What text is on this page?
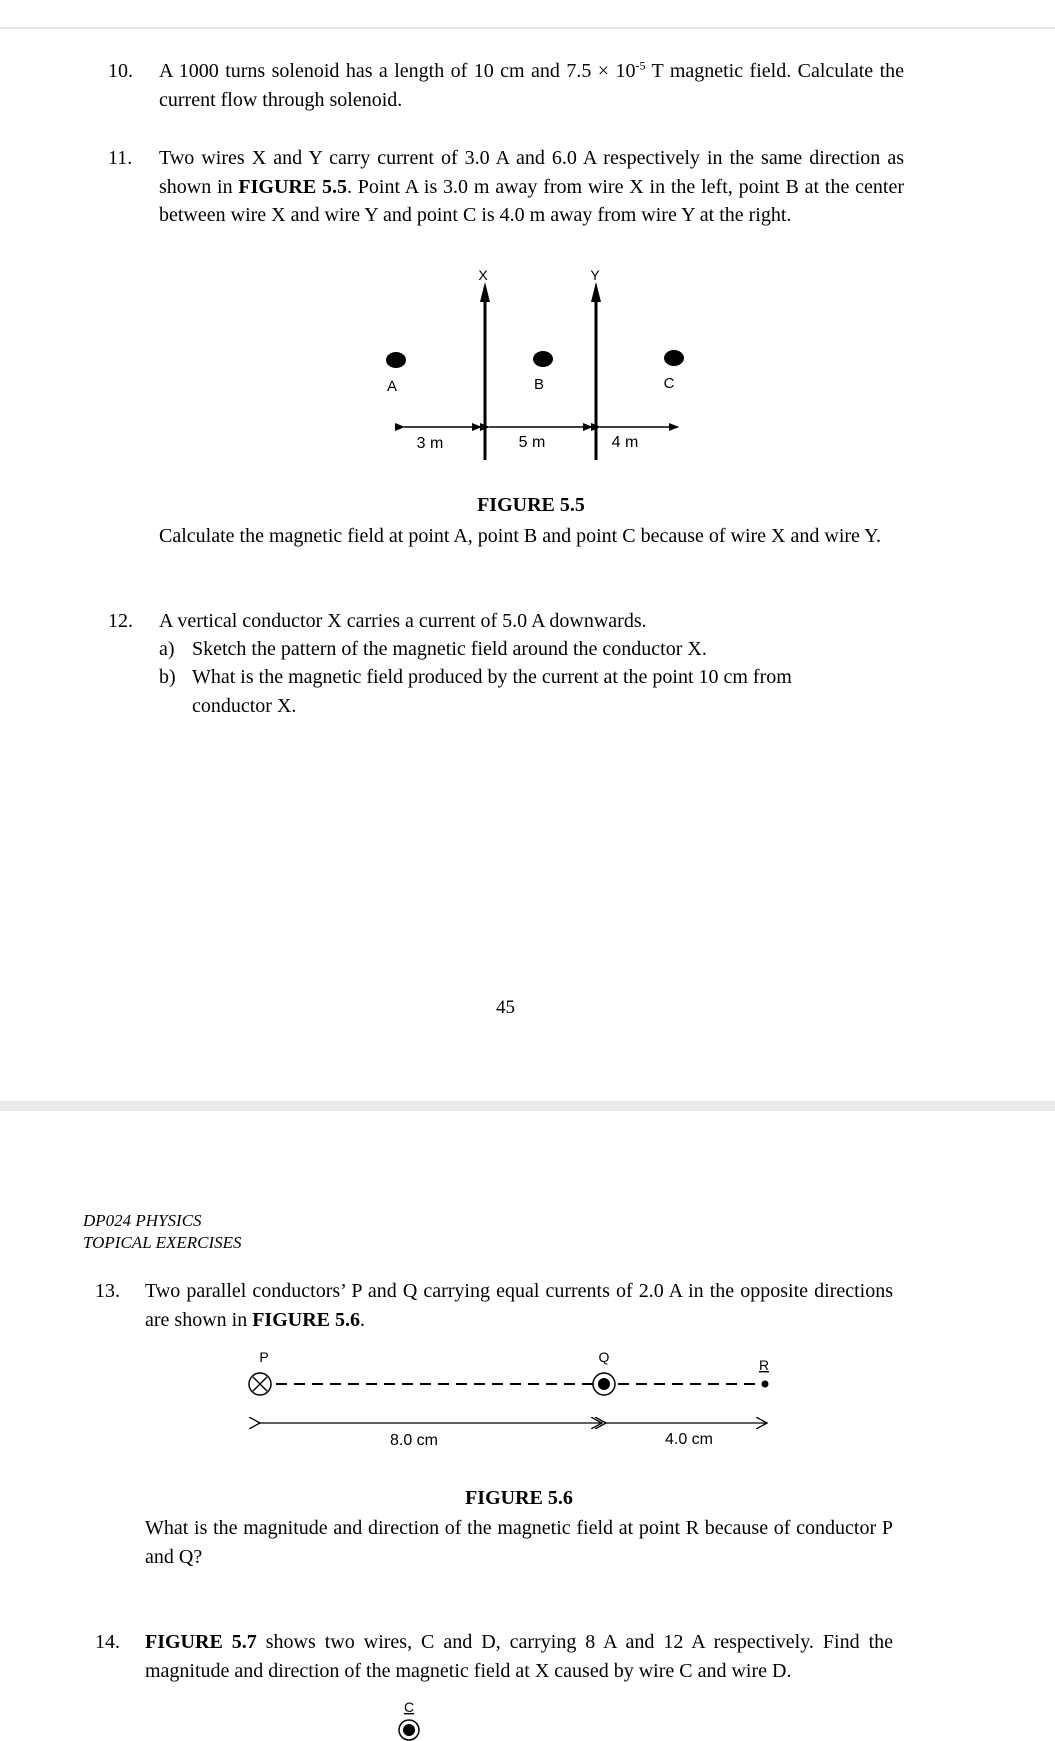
10. A 1000 turns solenoid has a length of 10 cm and $7.5 \times 10^{-5}$ T magnetic field. Calculate the current flow through solenoid.
11. Two wires X and Y carry current of 3.0 A and 6.0 A respectively in the same direction as shown in FIGURE 5.5. Point A is 3.0 m away from wire X in the left, point B at the center between wire X and wire Y and point C is 4.0 m away from wire Y at the right.
X	Y
A	B	C
3 m	5 m	4 m
FIGURE 5.5
Calculate the magnetic field at point A, point B and point C because of wire X and wire Y.
12. A vertical conductor X carries a current of 5.0 A downwards.
a) Sketch the pattern of the magnetic field around the conductor X.
b) What is the magnetic field produced by the current at the point 10 cm from conductor X.
45
DP024 PHYSICS
TOPICAL EXERCISES
13. Two parallel conductors’ P and Q carrying equal currents of 2.0 A in the opposite directions are shown in FIGURE 5.6.
P	Q	R
8.0 cm	4.0 cm
FIGURE 5.6
What is the magnitude and direction of the magnetic field at point R because of conductor P and Q?
14. FIGURE 5.7 shows two wires, C and D, carrying 8 A and 12 A respectively. Find the magnitude and direction of the magnetic field at X caused by wire C and wire D.
C
